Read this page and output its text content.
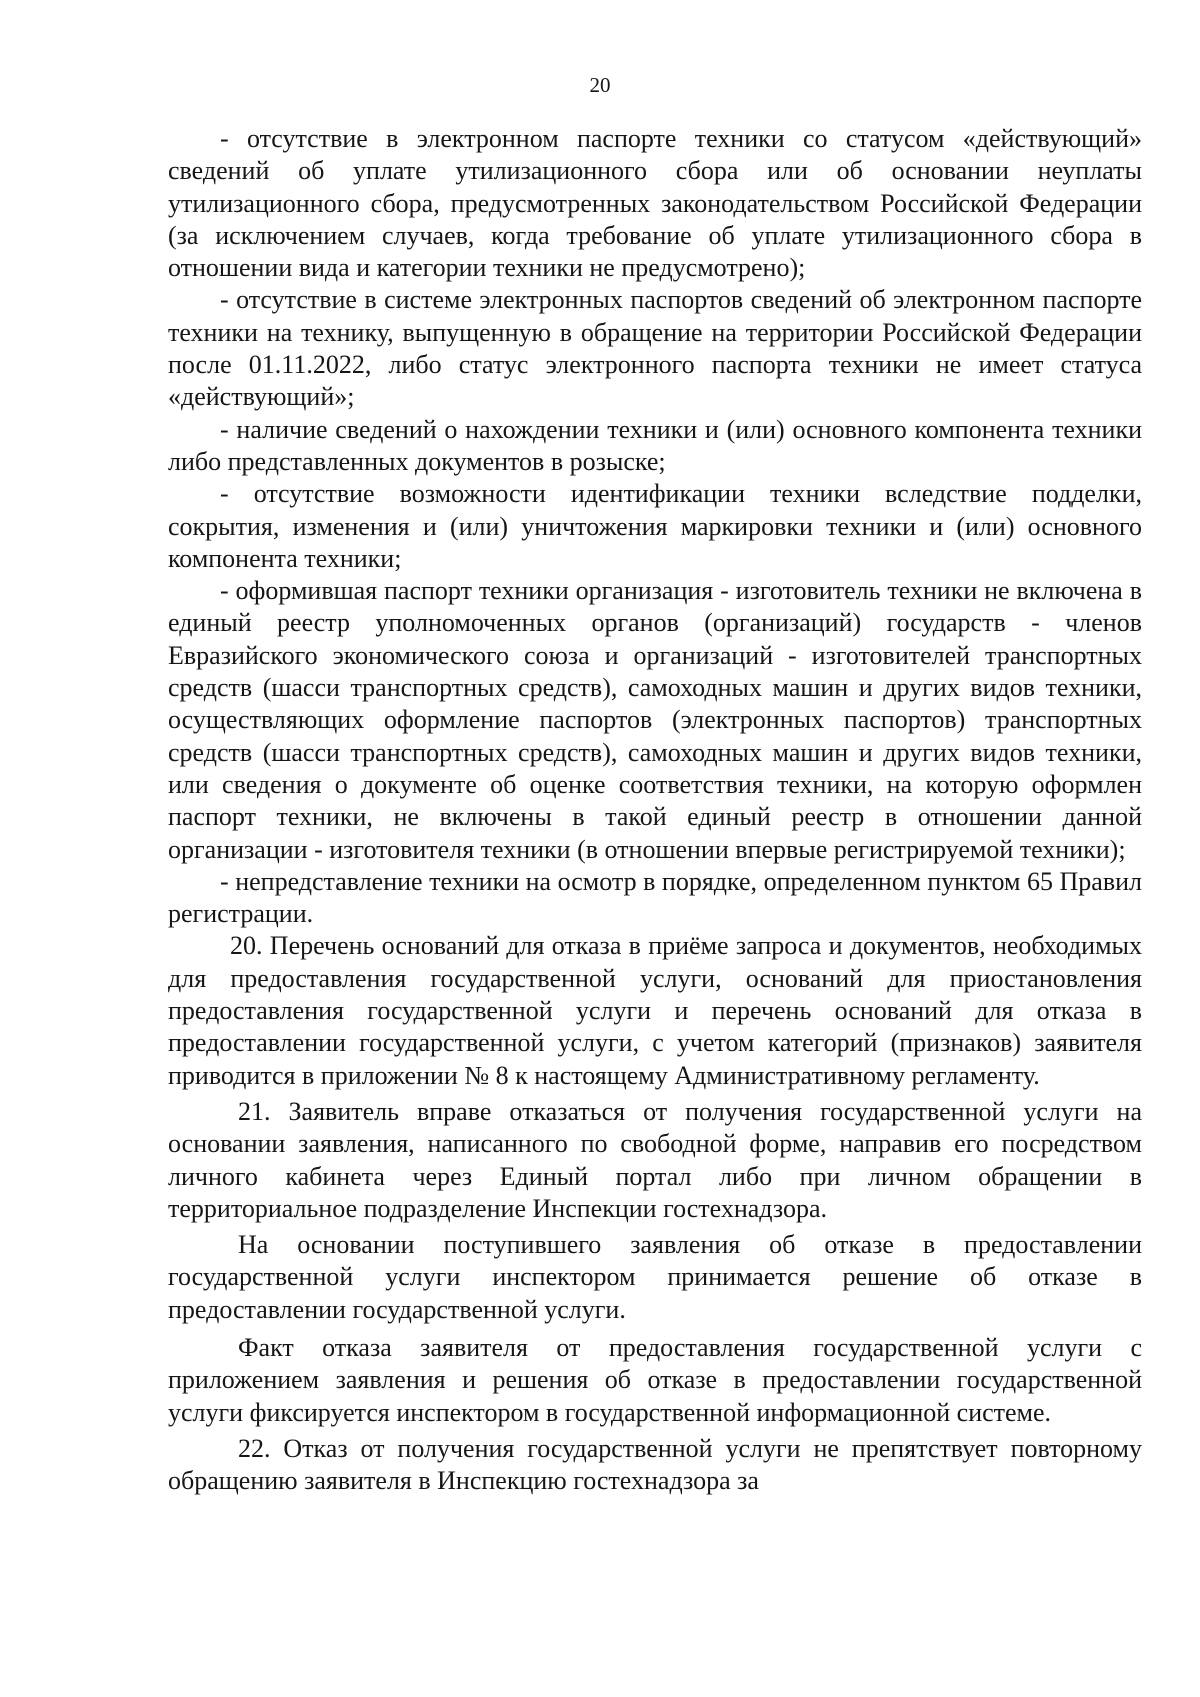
20

- отсутствие в электронном паспорте техники со статусом «действующий» сведений об уплате утилизационного сбора или об основании неуплаты утилизационного сбора, предусмотренных законодательством Российской Федерации (за исключением случаев, когда требование об уплате утилизационного сбора в отношении вида и категории техники не предусмотрено);

- отсутствие в системе электронных паспортов сведений об электронном паспорте техники на технику, выпущенную в обращение на территории Российской Федерации после 01.11.2022, либо статус электронного паспорта техники не имеет статуса «действующий»;

- наличие сведений о нахождении техники и (или) основного компонента техники либо представленных документов в розыске;

- отсутствие возможности идентификации техники вследствие подделки, сокрытия, изменения и (или) уничтожения маркировки техники и (или) основного компонента техники;

- оформившая паспорт техники организация - изготовитель техники не включена в единый реестр уполномоченных органов (организаций) государств - членов Евразийского экономического союза и организаций - изготовителей транспортных средств (шасси транспортных средств), самоходных машин и других видов техники, осуществляющих оформление паспортов (электронных паспортов) транспортных средств (шасси транспортных средств), самоходных машин и других видов техники, или сведения о документе об оценке соответствия техники, на которую оформлен паспорт техники, не включены в такой единый реестр в отношении данной организации - изготовителя техники (в отношении впервые регистрируемой техники);

- непредставление техники на осмотр в порядке, определенном пунктом 65 Правил регистрации.

20. Перечень оснований для отказа в приёме запроса и документов, необходимых для предоставления государственной услуги, оснований для приостановления предоставления государственной услуги и перечень оснований для отказа в предоставлении государственной услуги, с учетом категорий (признаков) заявителя приводится в приложении № 8 к настоящему Административному регламенту.

21. Заявитель вправе отказаться от получения государственной услуги на основании заявления, написанного по свободной форме, направив его посредством личного кабинета через Единый портал либо при личном обращении в территориальное подразделение Инспекции гостехнадзора.

На основании поступившего заявления об отказе в предоставлении государственной услуги инспектором принимается решение об отказе в предоставлении государственной услуги.

Факт отказа заявителя от предоставления государственной услуги с приложением заявления и решения об отказе в предоставлении государственной услуги фиксируется инспектором в государственной информационной системе.

22. Отказ от получения государственной услуги не препятствует повторному обращению заявителя в Инспекцию гостехнадзора за
